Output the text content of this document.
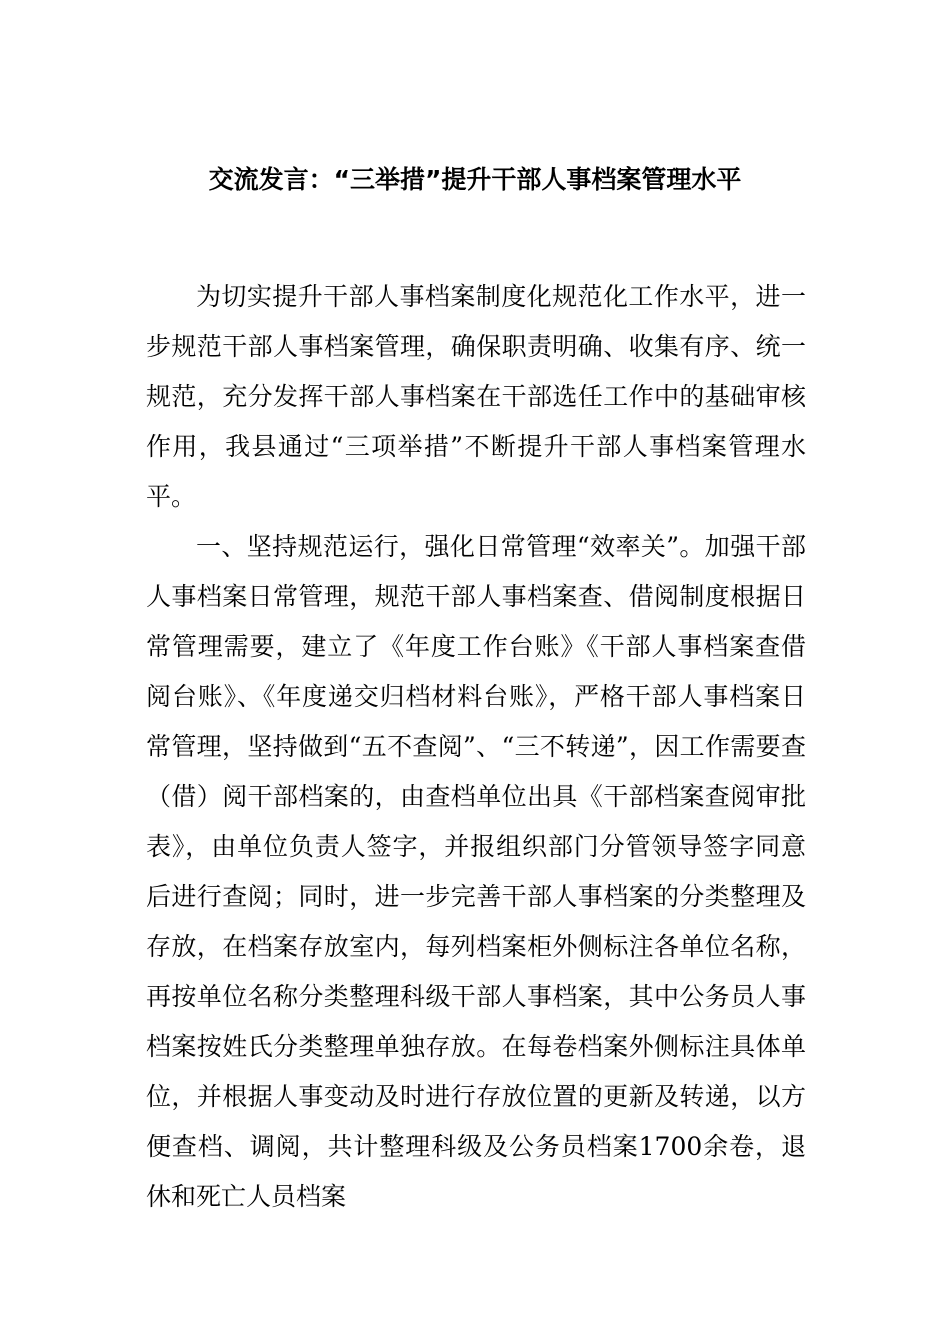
交流发言：“三举措”提升干部人事档案管理水平

为切实提升干部人事档案制度化规范化工作水平，进一步规范干部人事档案管理，确保职责明确、收集有序、统一规范，充分发挥干部人事档案在干部选任工作中的基础审核作用，我县通过“三项举措”不断提升干部人事档案管理水平。

一、坚持规范运行，强化日常管理“效率关”。加强干部人事档案日常管理，规范干部人事档案查、借阅制度根据日常管理需要，建立了《年度工作台账》《干部人事档案查借阅台账》、《年度递交归档材料台账》，严格干部人事档案日常管理，坚持做到“五不查阅”、“三不转递”，因工作需要查（借）阅干部档案的，由查档单位出具《干部档案查阅审批表》，由单位负责人签字，并报组织部门分管领导签字同意后进行查阅；同时，进一步完善干部人事档案的分类整理及存放，在档案存放室内，每列档案柜外侧标注各单位名称，再按单位名称分类整理科级干部人事档案，其中公务员人事档案按姓氏分类整理单独存放。在每卷档案外侧标注具体单位，并根据人事变动及时进行存放位置的更新及转递，以方便查档、调阅，共计整理科级及公务员档案1700余卷，退休和死亡人员档案
